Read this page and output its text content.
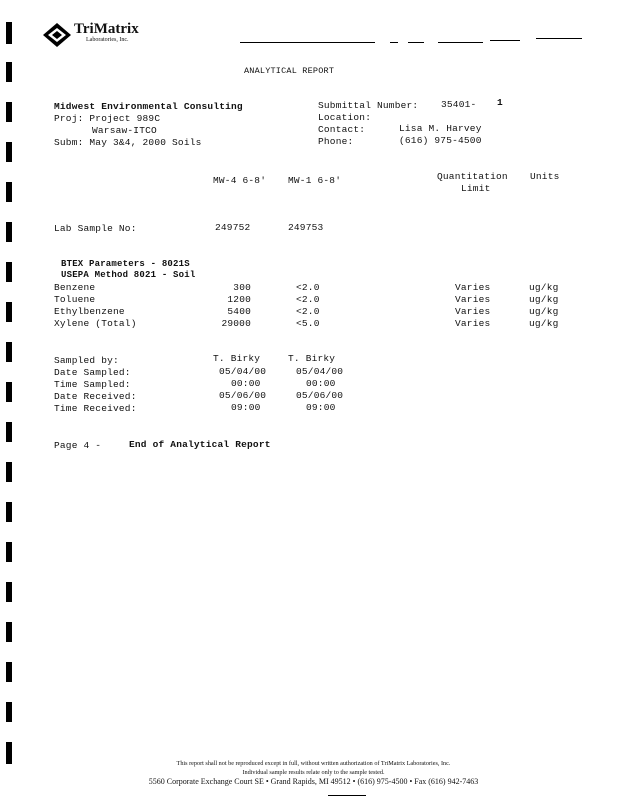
TriMatrix
Laboratories, Inc.
ANALYTICAL REPORT
Midwest Environmental Consulting
Proj: Project 989C
Warsaw-ITCO
Subm: May 3&4, 2000 Soils
Submittal Number: 35401- 1
Location:
Contact:	Lisa M. Harvey
Phone:	(616) 975-4500
MW-4 6-8' MW-1 6-8'	Quantitation
Limit
Units
Lab Sample No:	249752	249753
BTEX Parameters - 8021S
USEPA Method 8021 - Soil
Benzene	300	<2.0	Varies	ug/kg
Toluene	1200	<2.0	Varies	ug/kg
Ethylbenzene	5400	<2.0	Varies	ug/kg
Xylene (Total)	29000	<5.0	Varies	ug/kg
Sampled by:	T. Birky	T. Birky
Date Sampled:	05/04/00	05/04/00
Time Sampled:	00:00	00:00
Date Received:	05/06/00	05/06/00
Time Received:	09:00	09:00
Page 4 -	End of Analytical Report
This report shall not be reproduced except in full, without written authorization of TriMatrix Laboratories, Inc.
Individual sample results relate only to the sample tested.
5560 Corporate Exchange Court SE • Grand Rapids, MI 49512 • (616) 975-4500 • Fax (616) 942-7463
